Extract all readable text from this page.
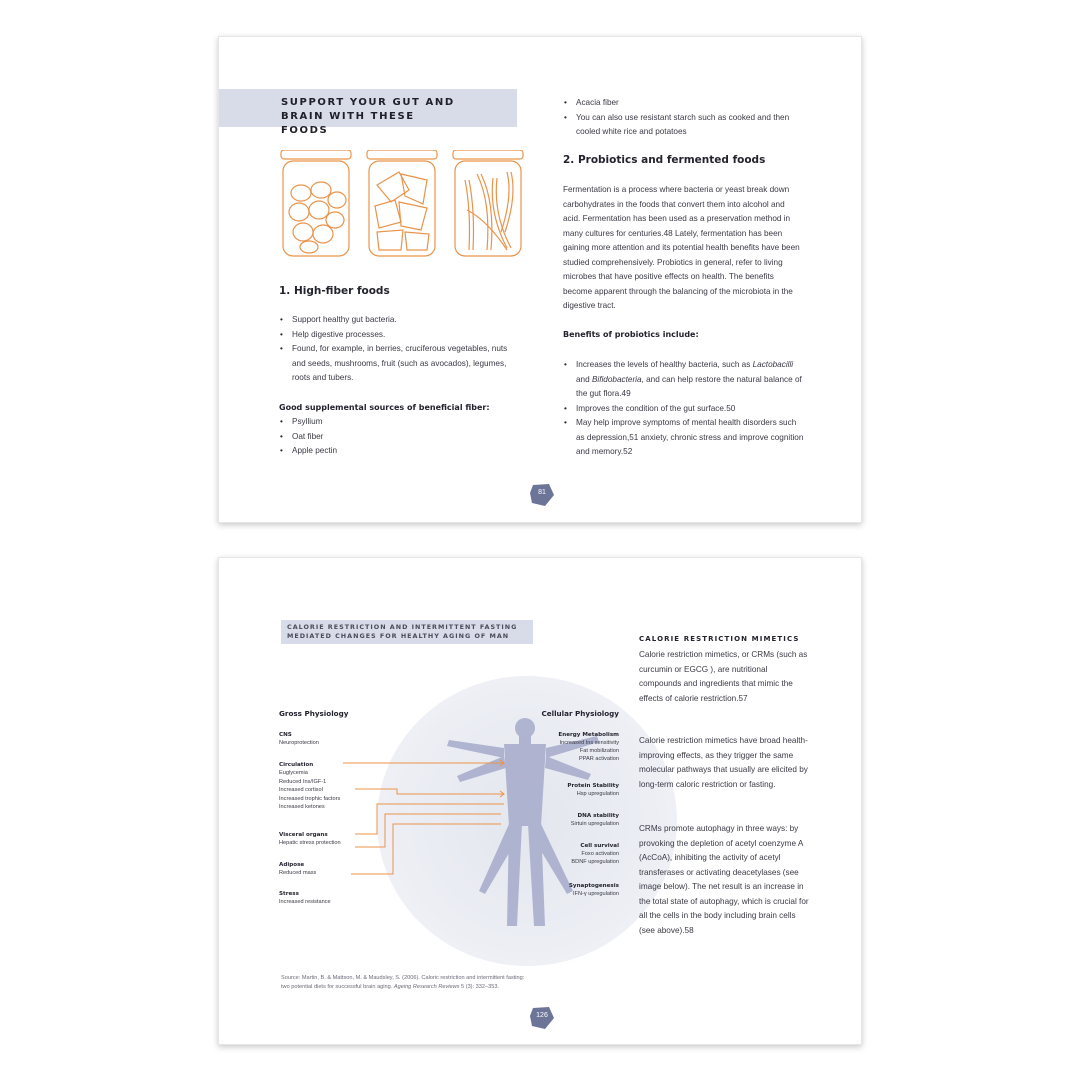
SUPPORT YOUR GUT AND BRAIN WITH THESE FOODS
1. High-fiber foods
• Support healthy gut bacteria.
• Help digestive processes.
• Found, for example, in berries, cruciferous vegetables, nuts and seeds, mushrooms, fruit (such as avocados), legumes, roots and tubers.
Good supplemental sources of beneficial fiber:
• Psyllium
• Oat fiber
• Apple pectin
• Acacia fiber
• You can also use resistant starch such as cooked and then cooled white rice and potatoes
2. Probiotics and fermented foods
Fermentation is a process where bacteria or yeast break down carbohydrates in the foods that convert them into alcohol and acid. Fermentation has been used as a preservation method in many cultures for centuries.48 Lately, fermentation has been gaining more attention and its potential health benefits have been studied comprehensively. Probiotics in general, refer to living microbes that have positive effects on health. The benefits become apparent through the balancing of the microbiota in the digestive tract.
Benefits of probiotics include:
• Increases the levels of healthy bacteria, such as Lactobacilli and Bifidobacteria, and can help restore the natural balance of the gut flora.49
• Improves the condition of the gut surface.50
• May help improve symptoms of mental health disorders such as depression,51 anxiety, chronic stress and improve cognition and memory.52
81
CALORIE RESTRICTION AND INTERMITTENT FASTING
MEDIATED CHANGES FOR HEALTHY AGING OF MAN
Gross Physiology	Cellular Physiology
CNS
Neuroprotection
Circulation
Euglycemia
Reduced Ins/IGF-1
Increased cortisol
Increased trophic factors
Increased ketones
Visceral organs
Hepatic stress protection
Adipose
Reduced mass
Stress
Increased resistance
Energy Metabolism
Increased Ins sensitivity
Fat mobilization
PPAR activation
Protein Stability
Hsp upregulation
DNA stability
Sirtuin upregulation
Cell survival
Foxo activation
BDNF upregulation
Synaptogenesis
IFN-γ upregulation
Source: Martin, B. & Mattson, M. & Maudsley, S. (2006). Caloric restriction and intermittent fasting:
two potential diets for successful brain aging. Ageing Research Reviews 5 (3): 332–353.
CALORIE RESTRICTION MIMETICS
Calorie restriction mimetics, or CRMs (such as curcumin or EGCG ), are nutritional compounds and ingredients that mimic the effects of calorie restriction.57
Calorie restriction mimetics have broad health-improving effects, as they trigger the same molecular pathways that usually are elicited by long-term caloric restriction or fasting.
CRMs promote autophagy in three ways: by provoking the depletion of acetyl coenzyme A (AcCoA), inhibiting the activity of acetyl transferases or activating deacetylases (see image below). The net result is an increase in the total state of autophagy, which is crucial for all the cells in the body including brain cells (see above).58
126
